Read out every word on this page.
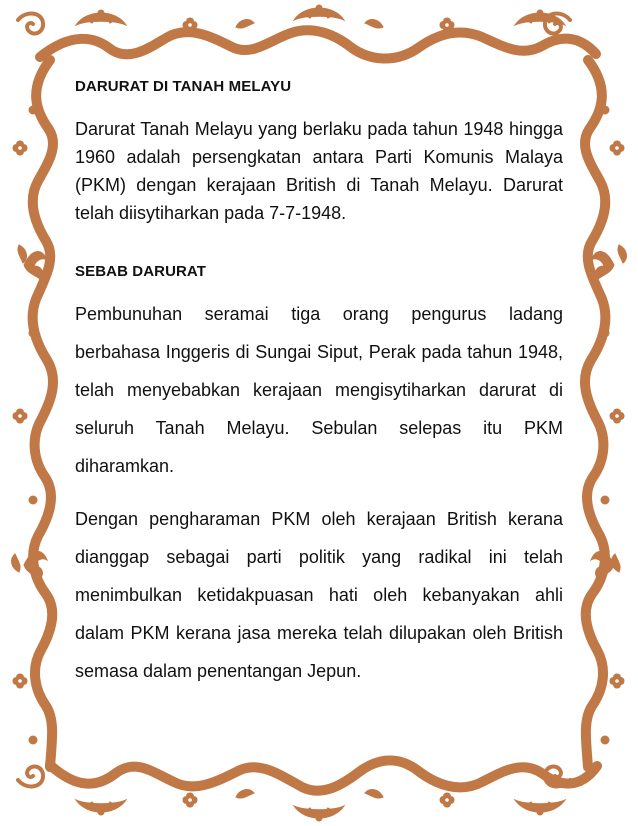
DARURAT DI TANAH MELAYU

Darurat Tanah Melayu yang berlaku pada tahun 1948 hingga 1960 adalah persengkatan antara Parti Komunis Malaya (PKM) dengan kerajaan British di Tanah Melayu. Darurat telah diisytiharkan pada 7-7-1948.

SEBAB DARURAT

Pembunuhan seramai tiga orang pengurus ladang berbahasa Inggeris di Sungai Siput, Perak pada tahun 1948, telah menyebabkan kerajaan mengisytiharkan darurat di seluruh Tanah Melayu. Sebulan selepas itu PKM diharamkan.

Dengan pengharaman PKM oleh kerajaan British kerana dianggap sebagai parti politik yang radikal ini telah menimbulkan ketidakpuasan hati oleh kebanyakan ahli dalam PKM kerana jasa mereka telah dilupakan oleh British semasa dalam penentangan Jepun.
